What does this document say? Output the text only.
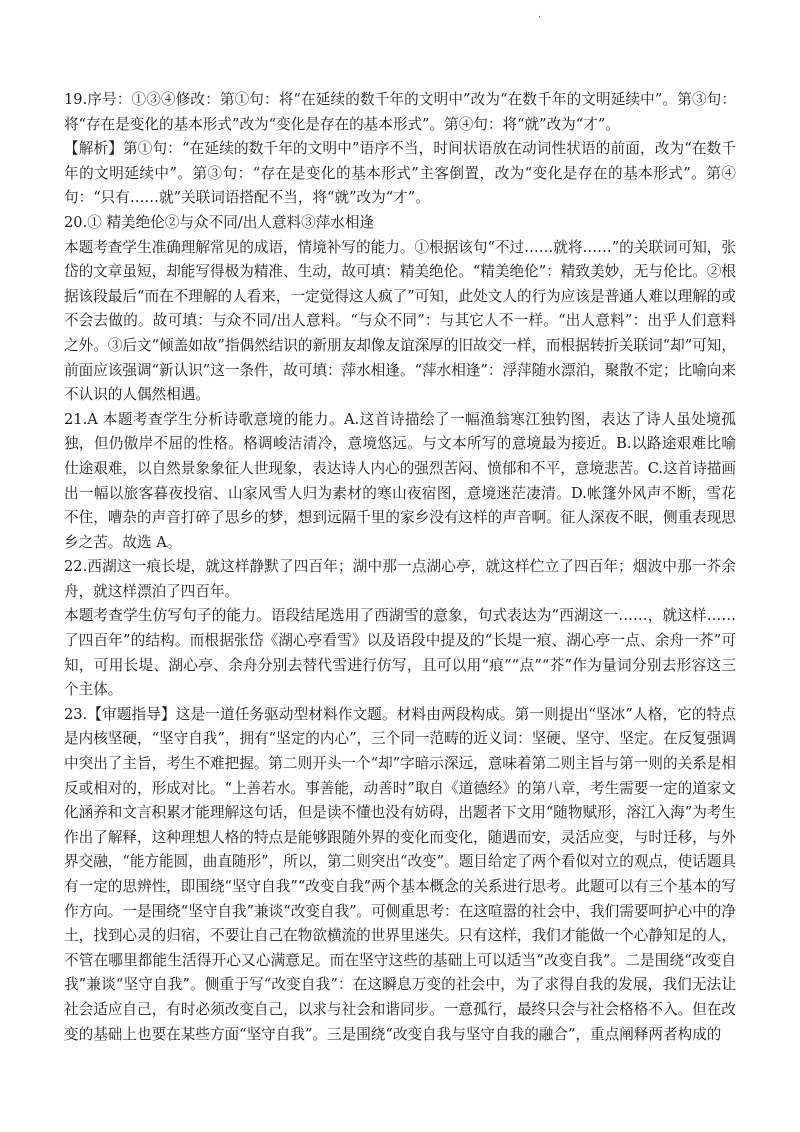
.

19.序号：①③④修改：第①句：将“在延续的数千年的文明中”改为“在数千年的文明延续中”。第③句：将“存在是变化的基本形式”改为“变化是存在的基本形式”。第④句：将“就”改为“才”。

【解析】第①句：“在延续的数千年的文明中”语序不当，时间状语放在动词性状语的前面，改为“在数千年的文明延续中”。第③句：“存在是变化的基本形式”主客倒置，改为“变化是存在的基本形式”。第④句：“只有……就”关联词语搭配不当，将“就”改为“才”。

20.① 精美绝伦②与众不同/出人意料③萍水相逢

本题考查学生准确理解常见的成语，情境补写的能力。①根据该句“不过……就将……”的关联词可知，张岱的文章虽短，却能写得极为精准、生动，故可填：精美绝伦。“精美绝伦”：精致美妙，无与伦比。②根据该段最后“而在不理解的人看来，一定觉得这人疯了”可知，此处文人的行为应该是普通人难以理解的或不会去做的。故可填：与众不同/出人意料。“与众不同”：与其它人不一样。“出人意料”：出乎人们意料之外。③后文“倾盖如故”指偶然结识的新朋友却像友谊深厚的旧故交一样，而根据转折关联词“却”可知，前面应该强调“新认识”这一条件，故可填：萍水相逢。“萍水相逢”：浮萍随水漂泊，聚散不定；比喻向来不认识的人偶然相遇。

21.A 本题考查学生分析诗歌意境的能力。A.这首诗描绘了一幅渔翁寒江独钓图，表达了诗人虽处境孤独，但仍傲岸不屈的性格。格调峻洁清冷，意境悠远。与文本所写的意境最为接近。B.以路途艰难比喻仕途艰难，以自然景象象征人世现象，表达诗人内心的强烈苦闷、愤郁和不平，意境悲苦。C.这首诗描画出一幅以旅客暮夜投宿、山家风雪人归为素材的寒山夜宿图，意境迷茫凄清。D.帐篷外风声不断，雪花不住，嘈杂的声音打碎了思乡的梦，想到远隔千里的家乡没有这样的声音啊。征人深夜不眠，侧重表现思乡之苦。故选 A。

22.西湖这一痕长堤，就这样静默了四百年；湖中那一点湖心亭，就这样伫立了四百年；烟波中那一芥余舟，就这样漂泊了四百年。

本题考查学生仿写句子的能力。语段结尾选用了西湖雪的意象，句式表达为“西湖这一……，就这样……了四百年”的结构。而根据张岱《湖心亭看雪》以及语段中提及的“长堤一痕、湖心亭一点、余舟一芥”可知，可用长堤、湖心亭、余舟分别去替代雪进行仿写，且可以用“痕”“点”“芥”作为量词分别去形容这三个主体。

23.【审题指导】这是一道任务驱动型材料作文题。材料由两段构成。第一则提出“坚冰”人格，它的特点是内核坚硬，“坚守自我”，拥有“坚定的内心”，三个同一范畴的近义词：坚硬、坚守、坚定。在反复强调中突出了主旨，考生不难把握。第二则开头一个“却”字暗示深远，意味着第二则主旨与第一则的关系是相反或相对的，形成对比。“上善若水。事善能，动善时”取自《道德经》的第八章，考生需要一定的道家文化涵养和文言积累才能理解这句话，但是读不懂也没有妨碍，出题者下文用“随物赋形，溶江入海”为考生作出了解释，这种理想人格的特点是能够跟随外界的变化而变化，随遇而安，灵活应变，与时迁移，与外界交融，“能方能圆，曲直随形”，所以，第二则突出“改变”。题目给定了两个看似对立的观点，使话题具有一定的思辨性，即围绕“坚守自我”“改变自我”两个基本概念的关系进行思考。此题可以有三个基本的写作方向。一是围绕“坚守自我”兼谈“改变自我”。可侧重思考：在这喧嚣的社会中，我们需要呵护心中的净土，找到心灵的归宿，不要让自己在物欲横流的世界里迷失。只有这样，我们才能做一个心静知足的人，不管在哪里都能生活得开心又心满意足。而在坚守这些的基础上可以适当“改变自我”。二是围绕“改变自我”兼谈“坚守自我”。侧重于写“改变自我”：在这瞬息万变的社会中，为了求得自我的发展，我们无法让社会适应自己，有时必须改变自己，以求与社会和谐同步。一意孤行，最终只会与社会格格不入。但在改变的基础上也要在某些方面“坚守自我”。三是围绕“改变自我与坚守自我的融合”，重点阐释两者构成的
